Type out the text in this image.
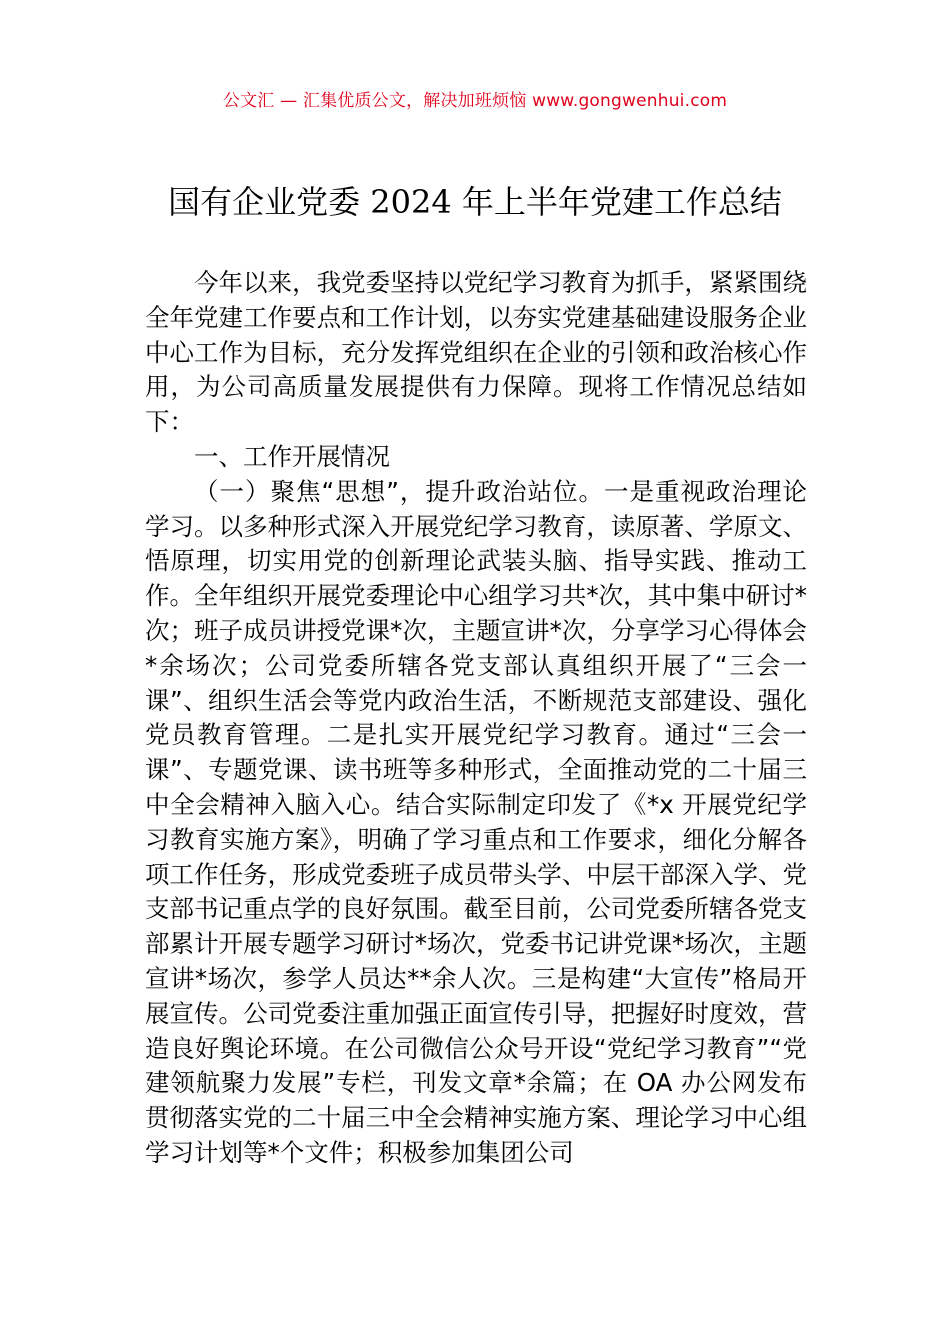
公文汇 — 汇集优质公文，解决加班烦恼 www.gongwenhui.com
国有企业党委 2024 年上半年党建工作总结

今年以来，我党委坚持以党纪学习教育为抓手，紧紧围绕全年党建工作要点和工作计划，以夯实党建基础建设服务企业中心工作为目标，充分发挥党组织在企业的引领和政治核心作用，为公司高质量发展提供有力保障。现将工作情况总结如下：

一、工作开展情况

（一）聚焦“思想”，提升政治站位。一是重视政治理论学习。以多种形式深入开展党纪学习教育，读原著、学原文、悟原理，切实用党的创新理论武装头脑、指导实践、推动工作。全年组织开展党委理论中心组学习共*次，其中集中研讨*次；班子成员讲授党课*次，主题宣讲*次，分享学习心得体会*余场次；公司党委所辖各党支部认真组织开展了“三会一课”、组织生活会等党内政治生活，不断规范支部建设、强化党员教育管理。二是扎实开展党纪学习教育。通过“三会一课”、专题党课、读书班等多种形式，全面推动党的二十届三中全会精神入脑入心。结合实际制定印发了《*x 开展党纪学习教育实施方案》，明确了学习重点和工作要求，细化分解各项工作任务，形成党委班子成员带头学、中层干部深入学、党支部书记重点学的良好氛围。截至目前，公司党委所辖各党支部累计开展专题学习研讨*场次，党委书记讲党课*场次，主题宣讲*场次，参学人员达**余人次。三是构建“大宣传”格局开展宣传。公司党委注重加强正面宣传引导，把握好时度效，营造良好舆论环境。在公司微信公众号开设“党纪学习教育”“党建领航聚力发展”专栏，刊发文章*余篇；在 OA 办公网发布贯彻落实党的二十届三中全会精神实施方案、理论学习中心组学习计划等*个文件；积极参加集团公司
